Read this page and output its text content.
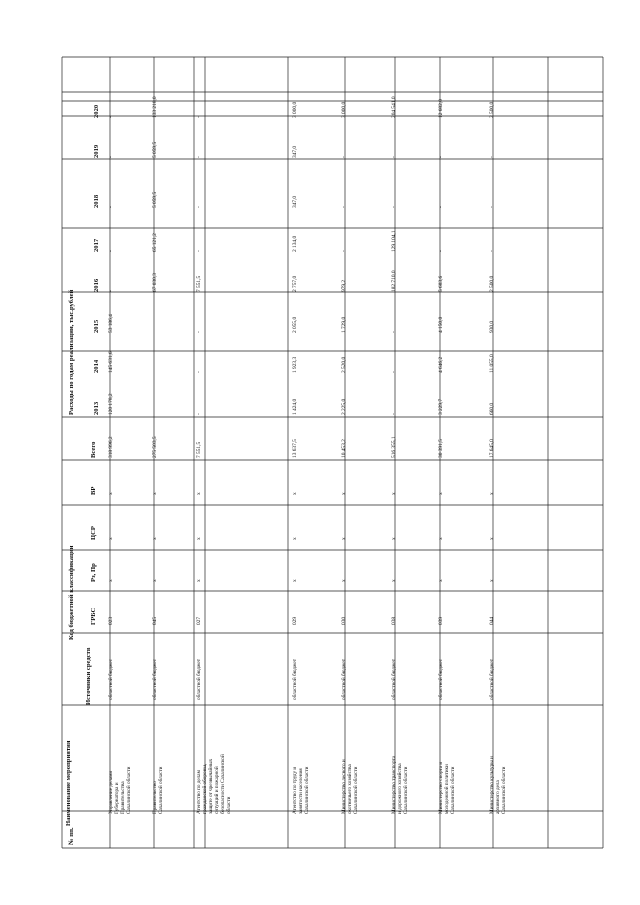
№ пп.
Наименование мероприятия
Источники средств
Код бюджетной классификации ГРБС
Рз, Пр
ЦСР
ВР
Расходы по годам реализации, тыс.рублей
Всего
2013
2014
2015
2016
2017
2018
2019
2020
областной бюджет
Управление делами Губернатора и Правительства Сахалинской области
023
x
x
x
318 996,2
120 178,2
145 631,6
53 186,4
-
-
-
-
-
областной бюджет
Правительство Сахалинской области
045
x
x
x
275 503,5
67 030,3
65 121,2
5 059,5
5 059,5
133 218,0
областной бюджет
Агентство по делам гражданской обороны, защите от чрезвычайных ситуаций и пожарной безопасности Сахалинской области
027
x
x
x
7 551,5
-
-
-
7 551,5
-
-
-
-
областной бюджет
Агентство по труду и занятости населения Сахалинской области
029
x
x
x
13 637,5
1 424,0
1 923,3
2 055,0
2 757,0
2 134,0
347,0
347,0
3 000,0
областной бюджет
Министерство лесного и охотничьего хозяйства Сахалинской области
030
x
x
x
10 453,2
2 225,0
2 520,0
1 729,0
979,2
-
-
-
3 000,0
областной бюджет
Министерство транспорта и дорожного хозяйства Сахалинской области
038
x
x
x
516 355,1
-
-
-
182 710,0
129 104,1
-
-
204 541,0
областной бюджет
Министерство спорта и молодежной политики Сахалинской области
039
x
x
x
30 391,5
3 229,7
4 646,2
4 150,0
5 683,6
-
-
-
12 682,0
областной бюджет
Министерство культуры и архивного дела Сахалинской области
044
x
x
x
17 645,0
660,0
11 055,0
930,0
2 500,0
-
-
-
2 500,0
